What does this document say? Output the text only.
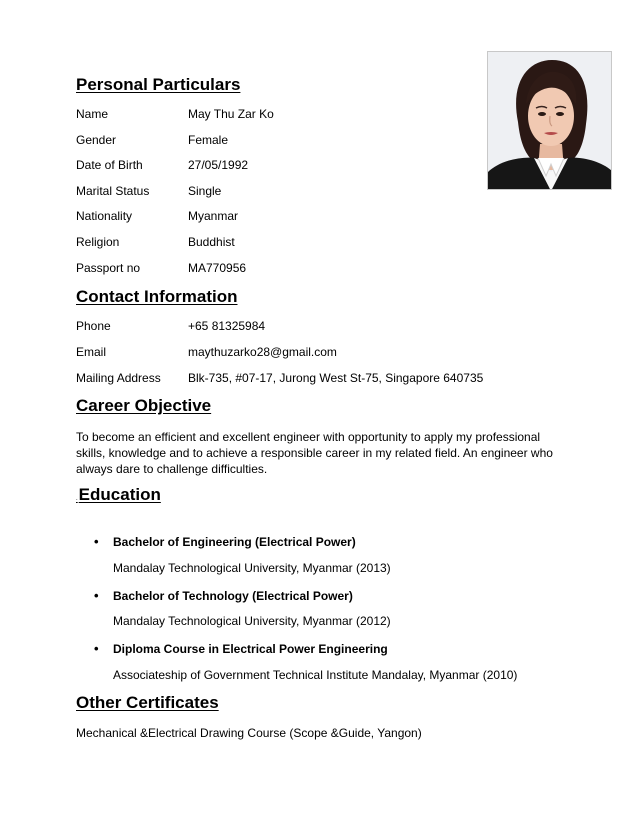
Personal Particulars
Name	May Thu Zar Ko
Gender	Female
Date of Birth	27/05/1992
Marital Status	Single
Nationality	Myanmar
Religion	Buddhist
Passport no	MA770956
Contact Information
Phone	+65 81325984
Email	maythuzarko28@gmail.com
Mailing Address Blk-735, #07-17, Jurong West St-75, Singapore 640735
Career Objective

To become an efficient and excellent engineer with opportunity to apply my professional skills, knowledge and to achieve a responsible career in my related field. An engineer who always dare to challenge difficulties.

.Education
• Bachelor of Engineering (Electrical Power)
Mandalay Technological University, Myanmar (2013)
• Bachelor of Technology (Electrical Power)
Mandalay Technological University, Myanmar (2012)
• Diploma Course in Electrical Power Engineering
Associateship of Government Technical Institute Mandalay, Myanmar (2010)
Other Certificates
Mechanical &Electrical Drawing Course (Scope &Guide, Yangon)
